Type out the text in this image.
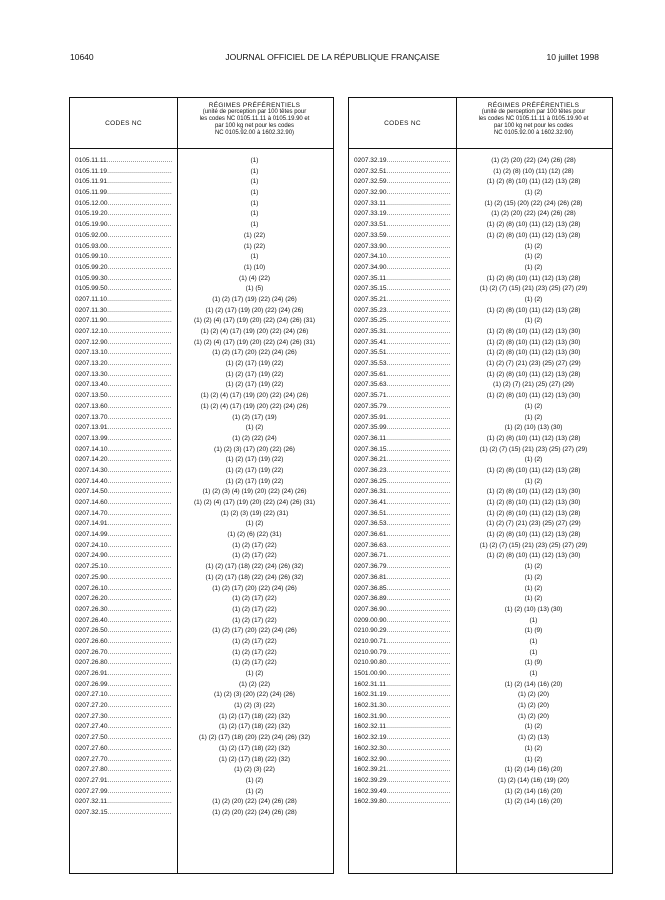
10640	JOURNAL OFFICIEL DE LA RÉPUBLIQUE FRANÇAISE	10 juillet 1998
CODES NC
RÉGIMES PRÉFÉRENTIELS
(unité de perception par 100 têtes pour
les codes NC 0105.11.11 à 0105.19.90 et
par 100 kg net pour les codes
NC 0105.92.00 à 1602.32.90)
0105.11.11 .....	(1)
0105.11.19 .....	(1)
0105.11.91 .....	(1)
0105.11.99 .....	(1)
0105.12.00 .....	(1)
0105.19.20 .....	(1)
0105.19.90 .....	(1)
0105.92.00 .....	(1) (22)
0105.93.00 .....	(1) (22)
0105.99.10 .....	(1)
0105.99.20 .....	(1) (10)
0105.99.30 .....	(1) (4) (22)
0105.99.50 .....	(1) (5)
0207.11.10 .....	(1) (2) (17) (19) (22) (24) (26)
0207.11.30 .....	(1) (2) (17) (19) (20) (22) (24) (26)
0207.11.90 .....	(1) (2) (4) (17) (19) (20) (22) (24) (26) (31)
0207.12.10 .....	(1) (2) (4) (17) (19) (20) (22) (24) (26)
0207.12.90 .....	(1) (2) (4) (17) (19) (20) (22) (24) (26) (31)
0207.13.10 .....	(1) (2) (17) (20) (22) (24) (26)
0207.13.20 .....	(1) (2) (17) (19) (22)
0207.13.30 .....	(1) (2) (17) (19) (22)
0207.13.40 .....	(1) (2) (17) (19) (22)
0207.13.50 .....	(1) (2) (4) (17) (19) (20) (22) (24) (26)
0207.13.60 .....	(1) (2) (4) (17) (19) (20) (22) (24) (26)
0207.13.70 .....	(1) (2) (17) (19)
0207.13.91 .....	(1) (2)
0207.13.99 .....	(1) (2) (22) (24)
0207.14.10 .....	(1) (2) (3) (17) (20) (22) (26)
0207.14.20 .....	(1) (2) (17) (19) (22)
0207.14.30 .....	(1) (2) (17) (19) (22)
0207.14.40 .....	(1) (2) (17) (19) (22)
0207.14.50 .....	(1) (2) (3) (4) (19) (20) (22) (24) (26)
0207.14.60 .....	(1) (2) (4) (17) (19) (20) (22) (24) (26) (31)
0207.14.70 .....	(1) (2) (3) (19) (22) (31)
0207.14.91 .....	(1) (2)
0207.14.99 .....	(1) (2) (6) (22) (31)
0207.24.10 .....	(1) (2) (17) (22)
0207.24.90 .....	(1) (2) (17) (22)
0207.25.10 .....	(1) (2) (17) (18) (22) (24) (26) (32)
0207.25.90 .....	(1) (2) (17) (18) (22) (24) (26) (32)
0207.26.10 .....	(1) (2) (17) (20) (22) (24) (26)
0207.26.20 .....	(1) (2) (17) (22)
0207.26.30 .....	(1) (2) (17) (22)
0207.26.40 .....	(1) (2) (17) (22)
0207.26.50 .....	(1) (2) (17) (20) (22) (24) (26)
0207.26.60 .....	(1) (2) (17) (22)
0207.26.70 .....	(1) (2) (17) (22)
0207.26.80 .....	(1) (2) (17) (22)
0207.26.91 .....	(1) (2)
0207.26.99 .....	(1) (2) (22)
0207.27.10 .....	(1) (2) (3) (20) (22) (24) (26)
0207.27.20 .....	(1) (2) (3) (22)
0207.27.30 .....	(1) (2) (17) (18) (22) (32)
0207.27.40 .....	(1) (2) (17) (18) (22) (32)
0207.27.50 .....	(1) (2) (17) (18) (20) (22) (24) (26) (32)
0207.27.60 .....	(1) (2) (17) (18) (22) (32)
0207.27.70 .....	(1) (2) (17) (18) (22) (32)
0207.27.80 .....	(1) (2) (3) (22)
0207.27.91 .....	(1) (2)
0207.27.99 .....	(1) (2)
0207.32.11 .....	(1) (2) (20) (22) (24) (26) (28)
0207.32.15 .....	(1) (2) (20) (22) (24) (26) (28)
CODES NC
RÉGIMES PRÉFÉRENTIELS
(unité de perception par 100 têtes pour
les codes NC 0105.11.11 à 0105.19.90 et
par 100 kg net pour les codes
NC 0105.92.00 à 1602.32.90)
0207.32.19 .....	(1) (2) (20) (22) (24) (26) (28)
0207.32.51 .....	(1) (2) (8) (10) (11) (12) (28)
0207.32.59 .....	(1) (2) (8) (10) (11) (12) (13) (28)
0207.32.90 .....	(1) (2)
0207.33.11 .....	(1) (2) (15) (20) (22) (24) (26) (28)
0207.33.19 .....	(1) (2) (20) (22) (24) (26) (28)
0207.33.51 .....	(1) (2) (8) (10) (11) (12) (13) (28)
0207.33.59 .....	(1) (2) (8) (10) (11) (12) (13) (28)
0207.33.90 .....	(1) (2)
0207.34.10 .....	(1) (2)
0207.34.90 .....	(1) (2)
0207.35.11 .....	(1) (2) (8) (10) (11) (12) (13) (28)
0207.35.15 .....	(1) (2) (7) (15) (21) (23) (25) (27) (29)
0207.35.21 .....	(1) (2)
0207.35.23 .....	(1) (2) (8) (10) (11) (12) (13) (28)
0207.35.25 .....	(1) (2)
0207.35.31 .....	(1) (2) (8) (10) (11) (12) (13) (30)
0207.35.41 .....	(1) (2) (8) (10) (11) (12) (13) (30)
0207.35.51 .....	(1) (2) (8) (10) (11) (12) (13) (30)
0207.35.53 .....	(1) (2) (7) (21) (23) (25) (27) (29)
0207.35.61 .....	(1) (2) (8) (10) (11) (12) (13) (28)
0207.35.63 .....	(1) (2) (7) (21) (25) (27) (29)
0207.35.71 .....	(1) (2) (8) (10) (11) (12) (13) (30)
0207.35.79 .....	(1) (2)
0207.35.91 .....	(1) (2)
0207.35.99 .....	(1) (2) (10) (13) (30)
0207.36.11 .....	(1) (2) (8) (10) (11) (12) (13) (28)
0207.36.15 .....	(1) (2) (7) (15) (21) (23) (25) (27) (29)
0207.36.21 .....	(1) (2)
0207.36.23 .....	(1) (2) (8) (10) (11) (12) (13) (28)
0207.36.25 .....	(1) (2)
0207.36.31 .....	(1) (2) (8) (10) (11) (12) (13) (30)
0207.36.41 .....	(1) (2) (8) (10) (11) (12) (13) (30)
0207.36.51 .....	(1) (2) (8) (10) (11) (12) (13) (28)
0207.36.53 .....	(1) (2) (7) (21) (23) (25) (27) (29)
0207.36.61 .....	(1) (2) (8) (10) (11) (12) (13) (28)
0207.36.63 .....	(1) (2) (7) (15) (21) (23) (25) (27) (29)
0207.36.71 .....	(1) (2) (8) (10) (11) (12) (13) (30)
0207.36.79 .....	(1) (2)
0207.36.81 .....	(1) (2)
0207.36.85 .....	(1) (2)
0207.36.89 .....	(1) (2)
0207.36.90 .....	(1) (2) (10) (13) (30)
0209.00.90 .....	(1)
0210.90.29 .....	(1) (9)
0210.90.71 .....	(1)
0210.90.79 .....	(1)
0210.90.80 .....	(1) (9)
1501.00.90 .....	(1)
1602.31.11 .....	(1) (2) (14) (16) (20)
1602.31.19 .....	(1) (2) (20)
1602.31.30 .....	(1) (2) (20)
1602.31.90 .....	(1) (2) (20)
1602.32.11 .....	(1) (2)
1602.32.19 .....	(1) (2) (13)
1602.32.30 .....	(1) (2)
1602.32.90 .....	(1) (2)
1602.39.21 .....	(1) (2) (14) (16) (20)
1602.39.29 .....	(1) (2) (14) (16) (19) (20)
1602.39.49 .....	(1) (2) (14) (16) (20)
1602.39.80 .....	(1) (2) (14) (16) (20)
